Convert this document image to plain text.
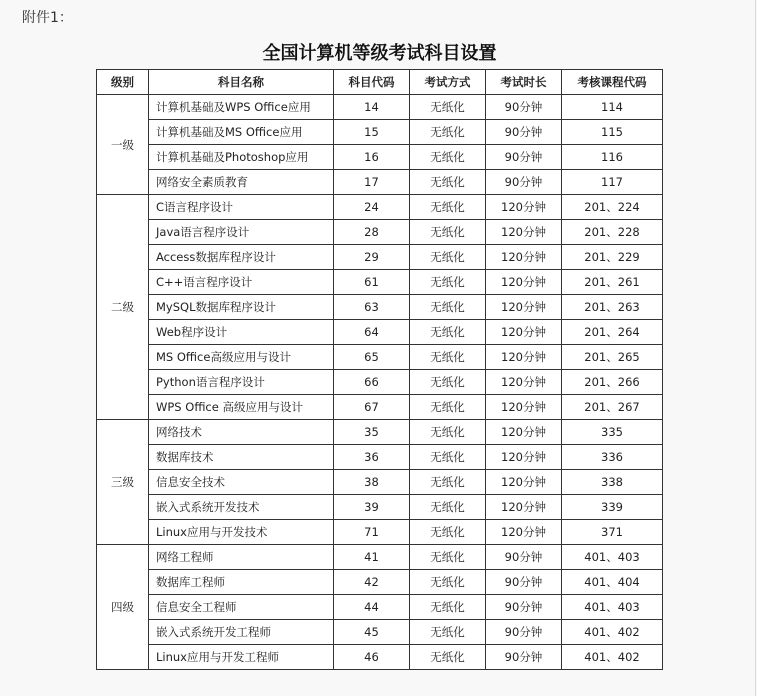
附件1：
全国计算机等级考试科目设置
级别	科目名称	科目代码	考试方式	考试时长	考核课程代码
一级	计算机基础及WPS Office应用	14	无纸化	90分钟	114
	计算机基础及MS Office应用	15	无纸化	90分钟	115
	计算机基础及Photoshop应用	16	无纸化	90分钟	116
	网络安全素质教育	17	无纸化	90分钟	117
二级	C语言程序设计	24	无纸化	120分钟	201、224
	Java语言程序设计	28	无纸化	120分钟	201、228
	Access数据库程序设计	29	无纸化	120分钟	201、229
	C++语言程序设计	61	无纸化	120分钟	201、261
	MySQL数据库程序设计	63	无纸化	120分钟	201、263
	Web程序设计	64	无纸化	120分钟	201、264
	MS Office高级应用与设计	65	无纸化	120分钟	201、265
	Python语言程序设计	66	无纸化	120分钟	201、266
	WPS Office 高级应用与设计	67	无纸化	120分钟	201、267
三级	网络技术	35	无纸化	120分钟	335
	数据库技术	36	无纸化	120分钟	336
	信息安全技术	38	无纸化	120分钟	338
	嵌入式系统开发技术	39	无纸化	120分钟	339
	Linux应用与开发技术	71	无纸化	120分钟	371
四级	网络工程师	41	无纸化	90分钟	401、403
	数据库工程师	42	无纸化	90分钟	401、404
	信息安全工程师	44	无纸化	90分钟	401、403
	嵌入式系统开发工程师	45	无纸化	90分钟	401、402
	Linux应用与开发工程师	46	无纸化	90分钟	401、402
